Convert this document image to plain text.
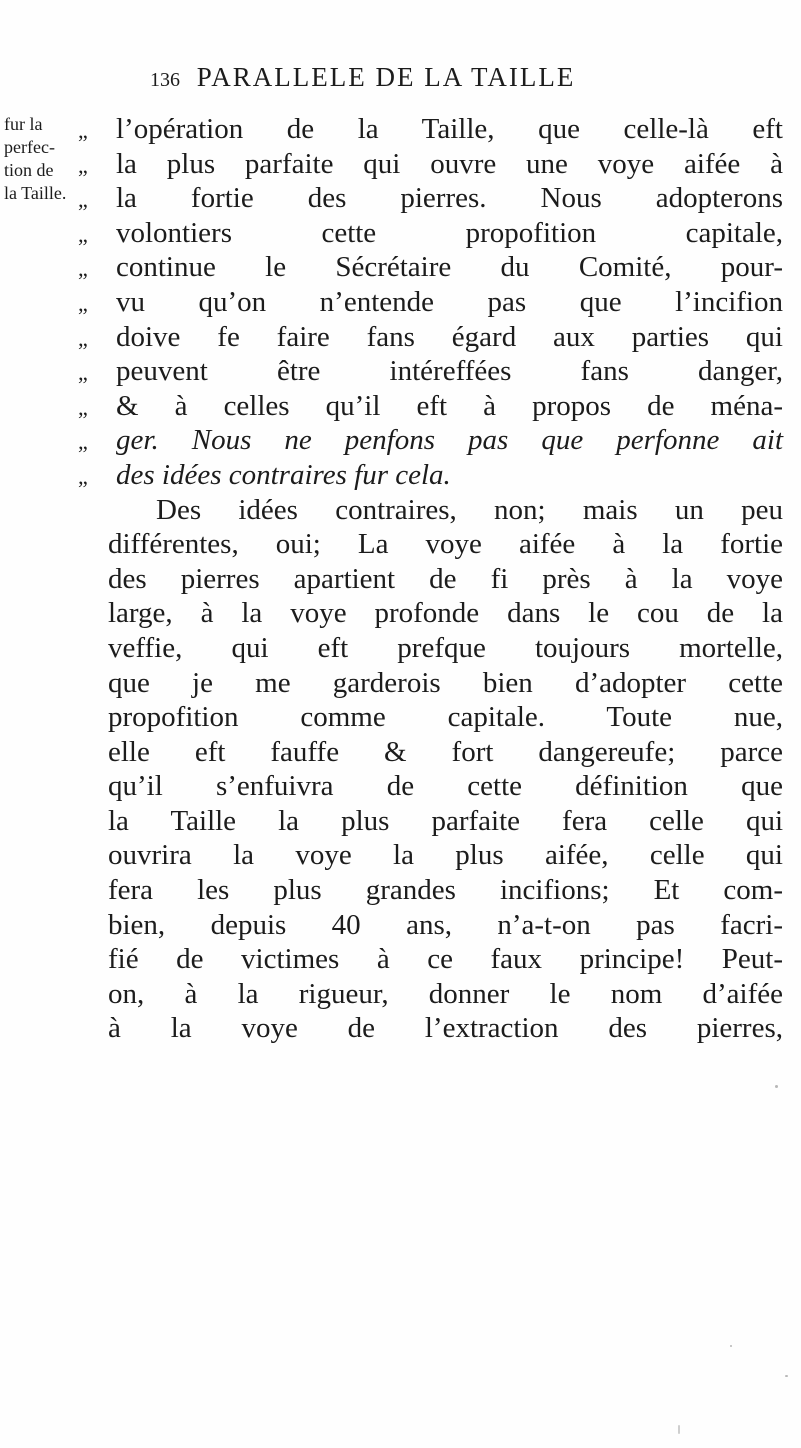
136 PARALLELE DE LA TAILLE
fur la
perfec-
tion de
la Taille.
„ l’opération de la Taille, que celle-là eft
„ la plus parfaite qui ouvre une voye aifée à
„ la fortie des pierres. Nous adopterons
„ volontiers cette propofition capitale,
„ continue le Sécrétaire du Comité, pour-
„ vu qu’on n’entende pas que l’incifion
„ doive fe faire fans égard aux parties qui
„ peuvent être intéreffées fans danger,
„ & à celles qu’il eft à propos de ména-
„ ger. Nous ne penfons pas que perfonne ait
„ des idées contraires fur cela.
Des idées contraires, non; mais un peu
différentes, oui; La voye aifée à la fortie
des pierres apartient de fi près à la voye
large, à la voye profonde dans le cou de la
veffie, qui eft prefque toujours mortelle,
que je me garderois bien d’adopter cette
propofition comme capitale. Toute nue,
elle eft fauffe & fort dangereufe; parce
qu’il s’enfuivra de cette définition que
la Taille la plus parfaite fera celle qui
ouvrira la voye la plus aifée, celle qui
fera les plus grandes incifions; Et com-
bien, depuis 40 ans, n’a-t-on pas facri-
fié de victimes à ce faux principe! Peut-
on, à la rigueur, donner le nom d’aifée
à la voye de l’extraction des pierres,
